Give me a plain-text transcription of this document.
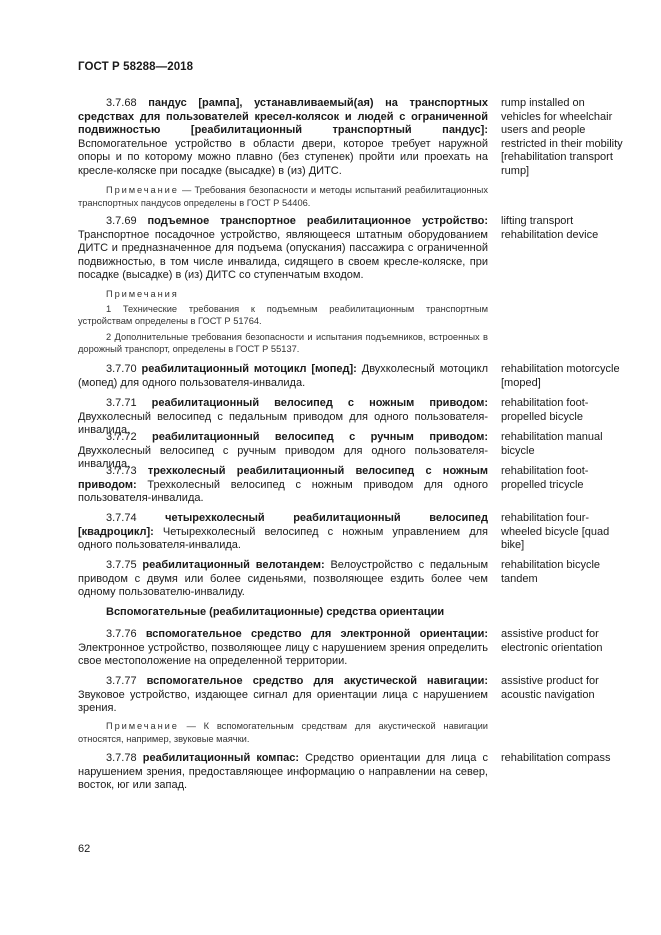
ГОСТ Р 58288—2018

3.7.68 пандус [рампа], устанавливаемый(ая) на транспортных средствах для пользователей кресел-колясок и людей с ограниченной подвижностью [реабилитационный транспортный пандус]: Вспомогательное устройство в области двери, которое требует наружной опоры и по которому можно плавно (без ступенек) пройти или проехать на кресле-коляске при посадке (высадке) в (из) ДИТС.

rump installed on vehicles for wheelchair users and people restricted in their mobility [rehabilitation transport rump]

Примечание — Требования безопасности и методы испытаний реабилитационных транспортных пандусов определены в ГОСТ Р 54406.

3.7.69 подъемное транспортное реабилитационное устройство: Транспортное посадочное устройство, являющееся штатным оборудованием ДИТС и предназначенное для подъема (опускания) пассажира с ограниченной подвижностью, в том числе инвалида, сидящего в своем кресле-коляске, при посадке (высадке) в (из) ДИТС со ступенчатым входом.

lifting transport rehabilitation device

Примечания

1 Технические требования к подъемным реабилитационным транспортным устройствам определены в ГОСТ Р 51764.

2 Дополнительные требования безопасности и испытания подъемников, встроенных в дорожный транспорт, определены в ГОСТ Р 55137.

3.7.70 реабилитационный мотоцикл [мопед]: Двухколесный мотоцикл (мопед) для одного пользователя-инвалида.

rehabilitation motorcycle [moped]

3.7.71 реабилитационный велосипед с ножным приводом: Двухколесный велосипед с педальным приводом для одного пользователя-инвалида.

rehabilitation foot-propelled bicycle

3.7.72 реабилитационный велосипед с ручным приводом: Двухколесный велосипед с ручным приводом для одного пользователя-инвалида.

rehabilitation manual bicycle

3.7.73 трехколесный реабилитационный велосипед с ножным приводом: Трехколесный велосипед с ножным приводом для одного пользователя-инвалида.

rehabilitation foot-propelled tricycle

3.7.74 четырехколесный реабилитационный велосипед [квадроцикл]: Четырехколесный велосипед с ножным управлением для одного пользователя-инвалида.

rehabilitation four-wheeled bicycle [quad bike]

3.7.75 реабилитационный велотандем: Велоустройство с педальным приводом с двумя или более сиденьями, позволяющее ездить более чем одному пользователю-инвалиду.

rehabilitation bicycle tandem
Вспомогательные (реабилитационные) средства ориентации

3.7.76 вспомогательное средство для электронной ориентации: Электронное устройство, позволяющее лицу с нарушением зрения определить свое местоположение на определенной территории.

assistive product for electronic orientation

3.7.77 вспомогательное средство для акустической навигации: Звуковое устройство, издающее сигнал для ориентации лица с нарушением зрения.

assistive product for acoustic navigation

Примечание — К вспомогательным средствам для акустической навигации относятся, например, звуковые маячки.

3.7.78 реабилитационный компас: Средство ориентации для лица с нарушением зрения, предоставляющее информацию о направлении на север, восток, юг или запад.

rehabilitation compass
62
